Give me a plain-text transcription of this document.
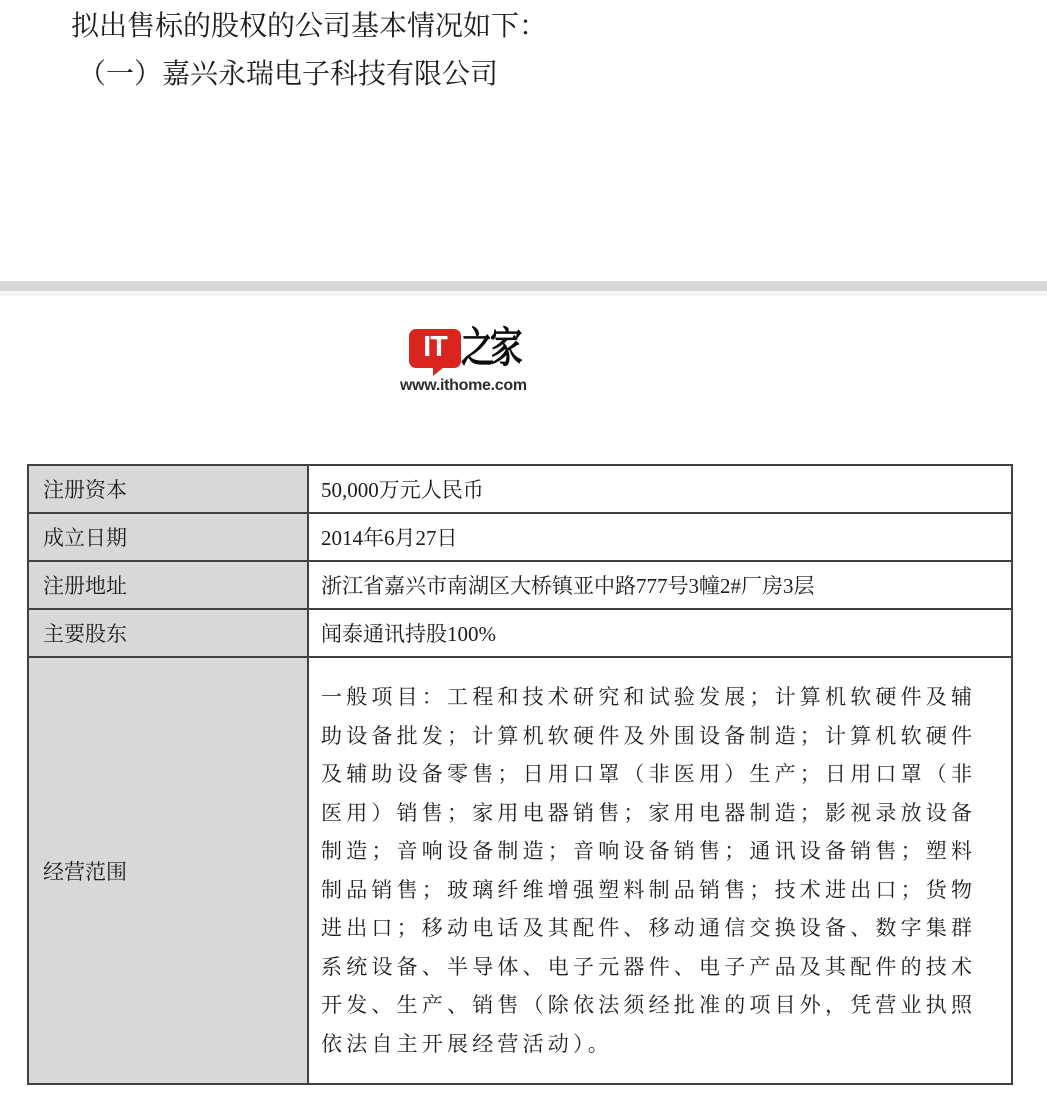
拟出售标的股权的公司基本情况如下：
（一）嘉兴永瑞电子科技有限公司
IT 之家
www.ithome.com
注册资本	50,000万元人民币
成立日期	2014年6月27日
注册地址	浙江省嘉兴市南湖区大桥镇亚中路777号3幢2#厂房3层
主要股东	闻泰通讯持股100%
经营范围	一般项目：工程和技术研究和试验发展；计算机软硬件及辅助设备批发；计算机软硬件及外围设备制造；计算机软硬件及辅助设备零售；日用口罩（非医用）生产；日用口罩（非医用）销售；家用电器销售；家用电器制造；影视录放设备制造；音响设备制造；音响设备销售；通讯设备销售；塑料制品销售；玻璃纤维增强塑料制品销售；技术进出口；货物进出口；移动电话及其配件、移动通信交换设备、数字集群系统设备、半导体、电子元器件、电子产品及其配件的技术开发、生产、销售（除依法须经批准的项目外，凭营业执照依法自主开展经营活动）。
